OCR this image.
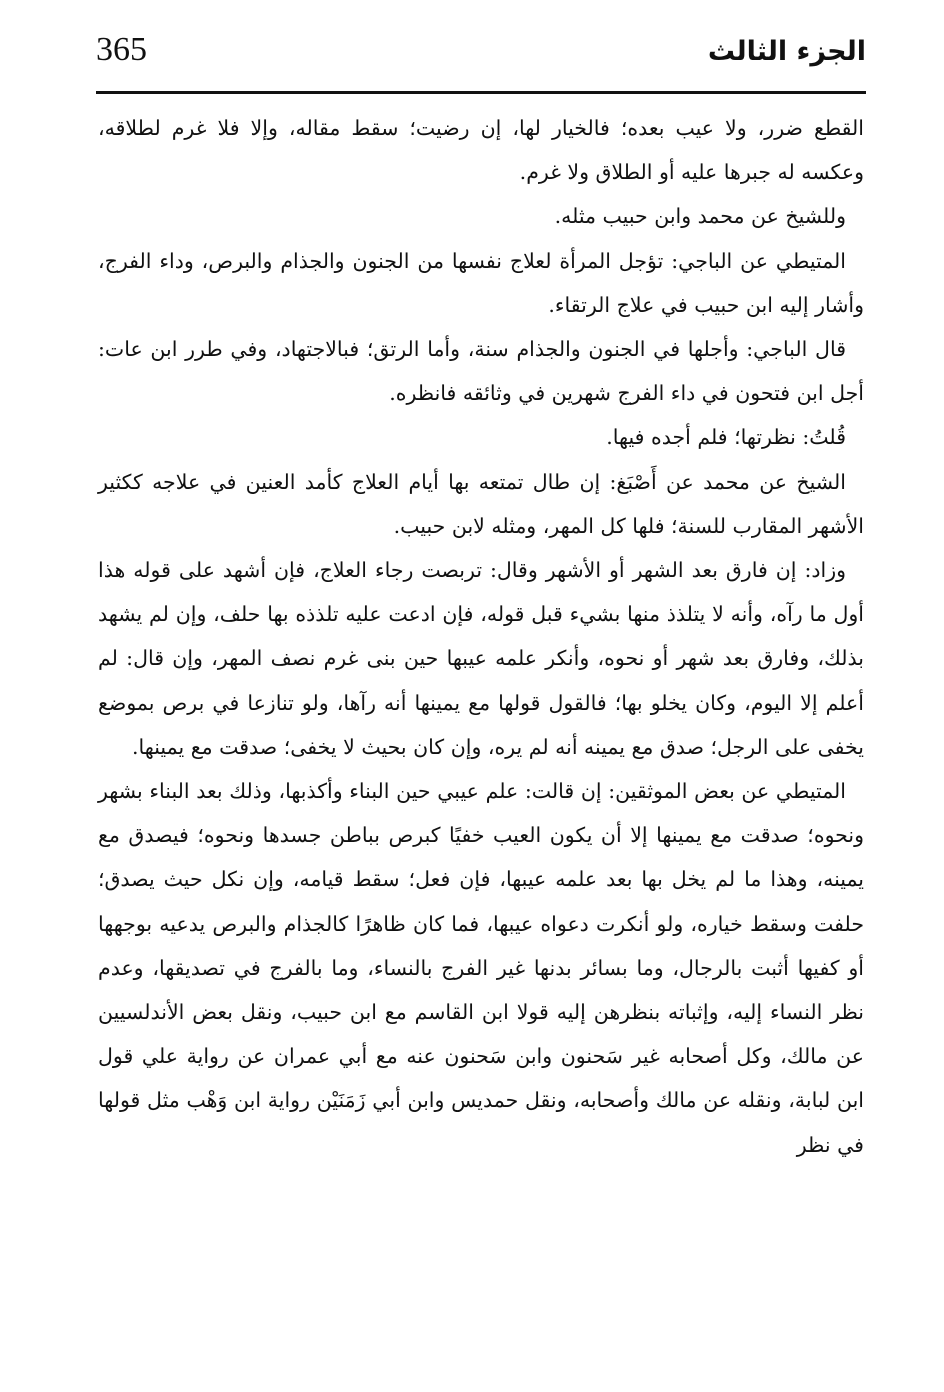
365	الجزء الثالث

القطع ضرر، ولا عيب بعده؛ فالخيار لها، إن رضيت؛ سقط مقاله، وإلا فلا غرم لطلاقه، وعكسه له جبرها عليه أو الطلاق ولا غرم.

وللشيخ عن محمد وابن حبيب مثله.

المتيطي عن الباجي: تؤجل المرأة لعلاج نفسها من الجنون والجذام والبرص، وداء الفرج، وأشار إليه ابن حبيب في علاج الرتقاء.

قال الباجي: وأجلها في الجنون والجذام سنة، وأما الرتق؛ فبالاجتهاد، وفي طرر ابن عات: أجل ابن فتحون في داء الفرج شهرين في وثائقه فانظره.

قُلتُ: نظرتها؛ فلم أجده فيها.

الشيخ عن محمد عن أَصْبَغ: إن طال تمتعه بها أيام العلاج كأمد العنين في علاجه ككثير الأشهر المقارب للسنة؛ فلها كل المهر، ومثله لابن حبيب.

وزاد: إن فارق بعد الشهر أو الأشهر وقال: تربصت رجاء العلاج، فإن أشهد على قوله هذا أول ما رآه، وأنه لا يتلذذ منها بشيء قبل قوله، فإن ادعت عليه تلذذه بها حلف، وإن لم يشهد بذلك، وفارق بعد شهر أو نحوه، وأنكر علمه عيبها حين بنى غرم نصف المهر، وإن قال: لم أعلم إلا اليوم، وكان يخلو بها؛ فالقول قولها مع يمينها أنه رآها، ولو تنازعا في برص بموضع يخفى على الرجل؛ صدق مع يمينه أنه لم يره، وإن كان بحيث لا يخفى؛ صدقت مع يمينها.

المتيطي عن بعض الموثقين: إن قالت: علم عيبي حين البناء وأكذبها، وذلك بعد البناء بشهر ونحوه؛ صدقت مع يمينها إلا أن يكون العيب خفيًا كبرص بباطن جسدها ونحوه؛ فيصدق مع يمينه، وهذا ما لم يخل بها بعد علمه عيبها، فإن فعل؛ سقط قيامه، وإن نكل حيث يصدق؛ حلفت وسقط خياره، ولو أنكرت دعواه عيبها، فما كان ظاهرًا كالجذام والبرص يدعيه بوجهها أو كفيها أثبت بالرجال، وما بسائر بدنها غير الفرج بالنساء، وما بالفرج في تصديقها، وعدم نظر النساء إليه، وإثباته بنظرهن إليه قولا ابن القاسم مع ابن حبيب، ونقل بعض الأندلسيين عن مالك، وكل أصحابه غير سَحنون وابن سَحنون عنه مع أبي عمران عن رواية علي قول ابن لبابة، ونقله عن مالك وأصحابه، ونقل حمديس وابن أبي زَمَنَيْن رواية ابن وَهْب مثل قولها في نظر
